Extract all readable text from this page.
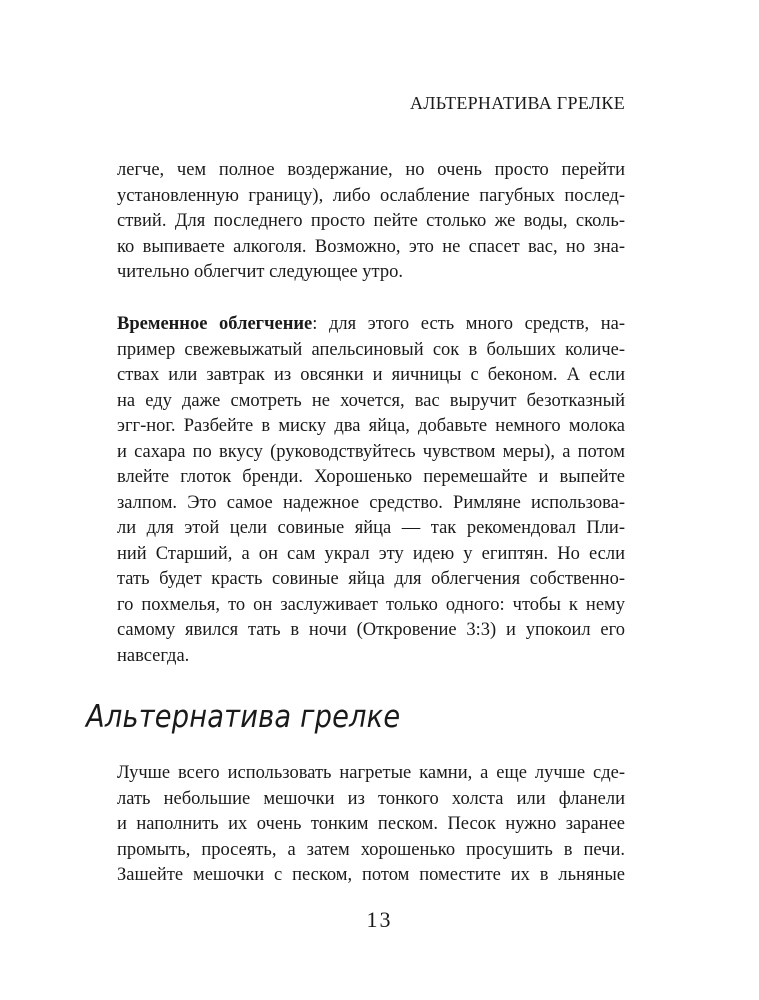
АЛЬТЕРНАТИВА ГРЕЛКЕ
легче, чем полное воздержание, но очень просто перейти
установленную границу), либо ослабление пагубных послед-
ствий. Для последнего просто пейте столько же воды, сколь-
ко выпиваете алкоголя. Возможно, это не спасет вас, но зна-
чительно облегчит следующее утро.
Временное облегчение: для этого есть много средств, на-
пример свежевыжатый апельсиновый сок в больших количе-
ствах или завтрак из овсянки и яичницы с беконом. А если
на еду даже смотреть не хочется, вас выручит безотказный
эгг-ног. Разбейте в миску два яйца, добавьте немного молока
и сахара по вкусу (руководствуйтесь чувством меры), а потом
влейте глоток бренди. Хорошенько перемешайте и выпейте
залпом. Это самое надежное средство. Римляне использова-
ли для этой цели совиные яйца — так рекомендовал Пли-
ний Старший, а он сам украл эту идею у египтян. Но если
тать будет красть совиные яйца для облегчения собственно-
го похмелья, то он заслуживает только одного: чтобы к нему
самому явился тать в ночи (Откровение 3:3) и упокоил его
навсегда.
Альтернатива грелке
Лучше всего использовать нагретые камни, а еще лучше сде-
лать небольшие мешочки из тонкого холста или фланели
и наполнить их очень тонким песком. Песок нужно заранее
промыть, просеять, а затем хорошенько просушить в печи.
Зашейте мешочки с песком, потом поместите их в льняные
13
